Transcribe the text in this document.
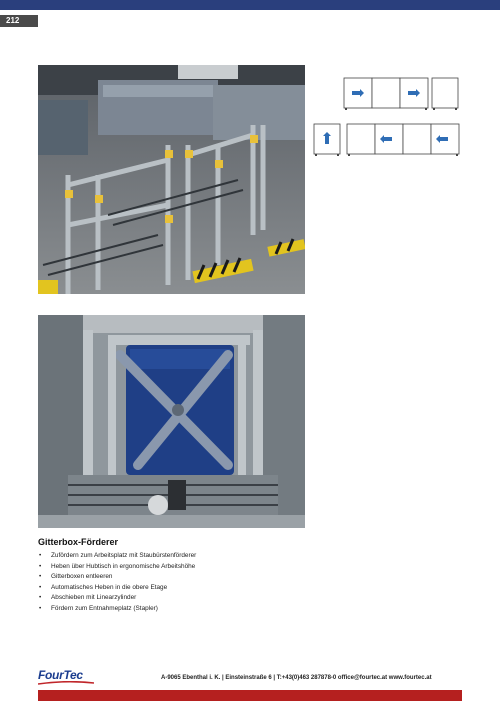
212
Gitterbox-Förderer
• Zufördern zum Arbeitsplatz mit Staubürstenförderer
• Heben über Hubtisch in ergonomische Arbeitshöhe
• Gitterboxen entleeren
• Automatisches Heben in die obere Etage
• Abschieben mit Linearzylinder
• Fördern zum Entnahmeplatz (Stapler)
FourTec	A-9065 Ebenthal i. K. | Einsteinstraße 6 | T:+43(0)463 287878-0 office@fourtec.at www.fourtec.at
